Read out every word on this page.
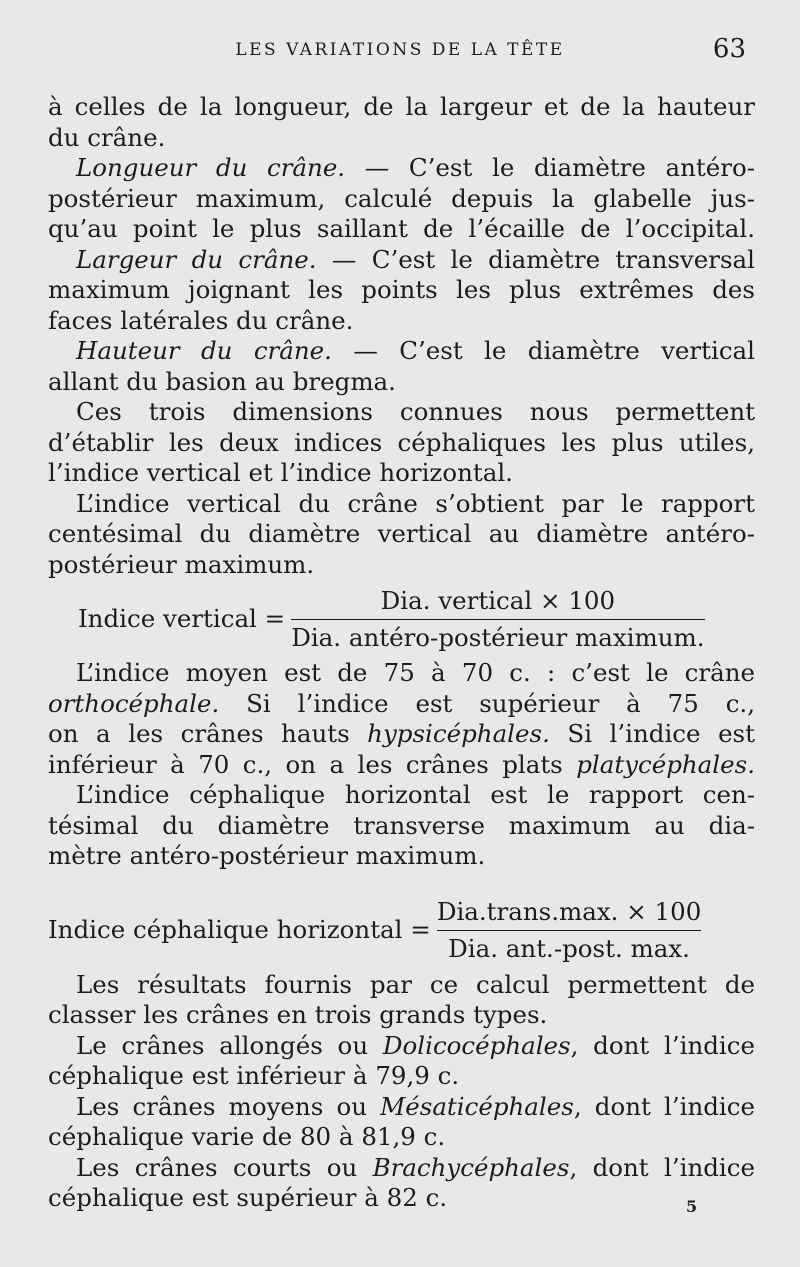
LES VARIATIONS DE LA TÊTE	63
à celles de la longueur, de la largeur et de la hauteur
du crâne.
Longueur du crâne. — C’est le diamètre antéro-
postérieur maximum, calculé depuis la glabelle jus-
qu’au point le plus saillant de l’écaille de l’occipital.
Largeur du crâne. — C’est le diamètre transversal
maximum joignant les points les plus extrêmes des
faces latérales du crâne.
Hauteur du crâne. — C’est le diamètre vertical
allant du basion au bregma.
Ces trois dimensions connues nous permettent
d’établir les deux indices céphaliques les plus utiles,
l’indice vertical et l’indice horizontal.
L’indice vertical du crâne s’obtient par le rapport
centésimal du diamètre vertical au diamètre antéro-
postérieur maximum.
Indice vertical = $\frac{\text{Dia. vertical × 100}}{\text{Dia. antéro-postérieur maximum.}}$
L’indice moyen est de 75 à 70 c. : c’est le crâne
orthocéphale. Si l’indice est supérieur à 75 c.,
on a les crânes hauts hypsicéphales. Si l’indice est
inférieur à 70 c., on a les crânes plats platycéphales.
L’indice céphalique horizontal est le rapport cen-
tésimal du diamètre transverse maximum au dia-
mètre antéro-postérieur maximum.
Indice céphalique horizontal = $\frac{\text{Dia.trans.max. × 100}}{\text{Dia. ant.-post. max.}}$
Les résultats fournis par ce calcul permettent de
classer les crânes en trois grands types.
Le crânes allongés ou Dolicocéphales, dont l’indice
céphalique est inférieur à 79,9 c.
Les crânes moyens ou Mésaticéphales, dont l’indice
céphalique varie de 80 à 81,9 c.
Les crânes courts ou Brachycéphales, dont l’indice
céphalique est supérieur à 82 c.	5
